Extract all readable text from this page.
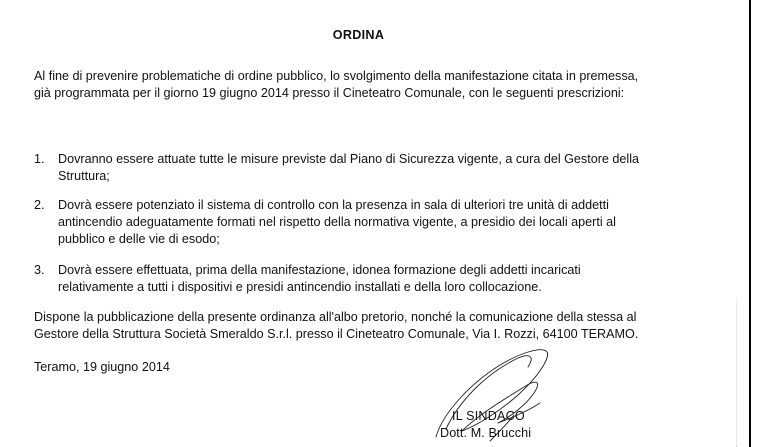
ORDINA
Al fine di prevenire problematiche di ordine pubblico, lo svolgimento della manifestazione citata in premessa,
già programmata per il giorno 19 giugno 2014 presso il Cineteatro Comunale, con le seguenti prescrizioni:
1.	Dovranno essere attuate tutte le misure previste dal Piano di Sicurezza vigente, a cura del Gestore della
Struttura;
2.	Dovrà essere potenziato il sistema di controllo con la presenza in sala di ulteriori tre unità di addetti
antincendio adeguatamente formati nel rispetto della normativa vigente, a presidio dei locali aperti al
pubblico e delle vie di esodo;
3.	Dovrà essere effettuata, prima della manifestazione, idonea formazione degli addetti incaricati
relativamente a tutti i dispositivi e presidi antincendio installati e della loro collocazione.
Dispone la pubblicazione della presente ordinanza all'albo pretorio, nonché la comunicazione della stessa al
Gestore della Struttura Società Smeraldo S.r.l. presso il Cineteatro Comunale, Via I. Rozzi, 64100 TERAMO.
Teramo, 19 giugno 2014
IL SINDACO
Dott. M. Brucchi
